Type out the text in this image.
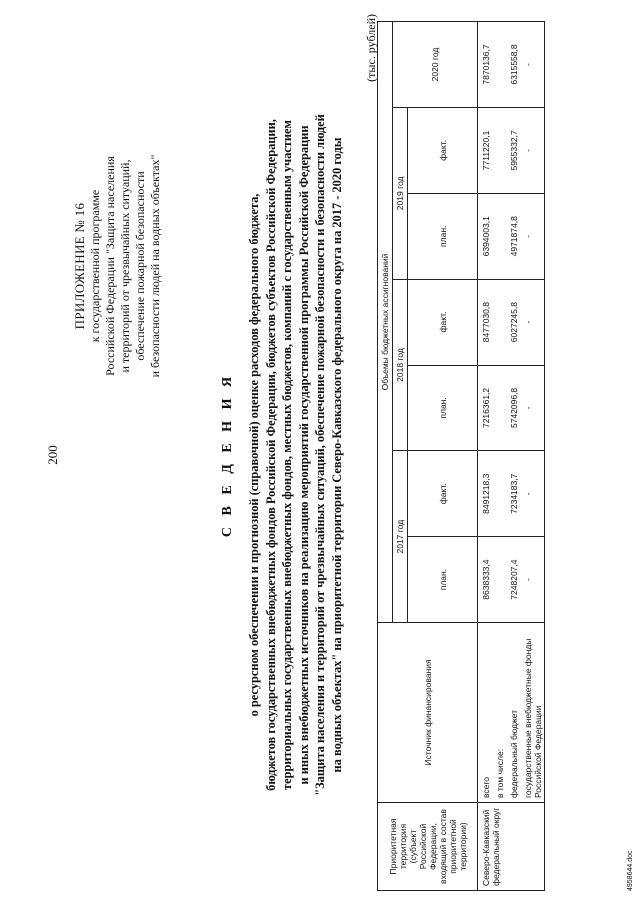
200
ПРИЛОЖЕНИЕ № 16 к государственной программе Российской Федерации "Защита населения и территорий от чрезвычайных ситуаций, обеспечение пожарной безопасности и безопасности людей на водных объектах"
С В Е Д Е Н И Я о ресурсном обеспечении и прогнозной (справочной) оценке расходов федерального бюджета, бюджетов государственных внебюджетных фондов Российской Федерации, бюджетов субъектов Российской Федерации, территориальных государственных внебюджетных фондов, местных бюджетов, компаний с государственным участием и иных внебюджетных источников на реализацию мероприятий государственной программы Российской Федерации "Защита населения и территорий от чрезвычайных ситуаций, обеспечение пожарной безопасности и безопасности людей на водных объектах" на приоритетной территории Северо-Кавказского федерального округа на 2017 - 2020 годы
(тыс. рублей)
Приоритетная территория (субъект Российской Федерации, входящий в состав приоритетной территории)	Источник финансирования	Объемы бюджетных ассигнований						
		2017 год		2018 год		2019 год		2020 год
		план.	факт.	план.	факт.	план.	факт.	
Северо-Кавказский федеральный округ	всего	8638333,4	8491218,3	7216361,2	8477030,8	6394003,1	7711220,1	7870136,7
	в том числе:							
	федеральный бюджет	7248207,4	7234183,7	5742096,8	6027245,8	4971874,8	5955332,7	6315558,8
	государственные внебюджетные фонды Российской Федерации	-	-	-	-	-	-	-
4958644.doc
